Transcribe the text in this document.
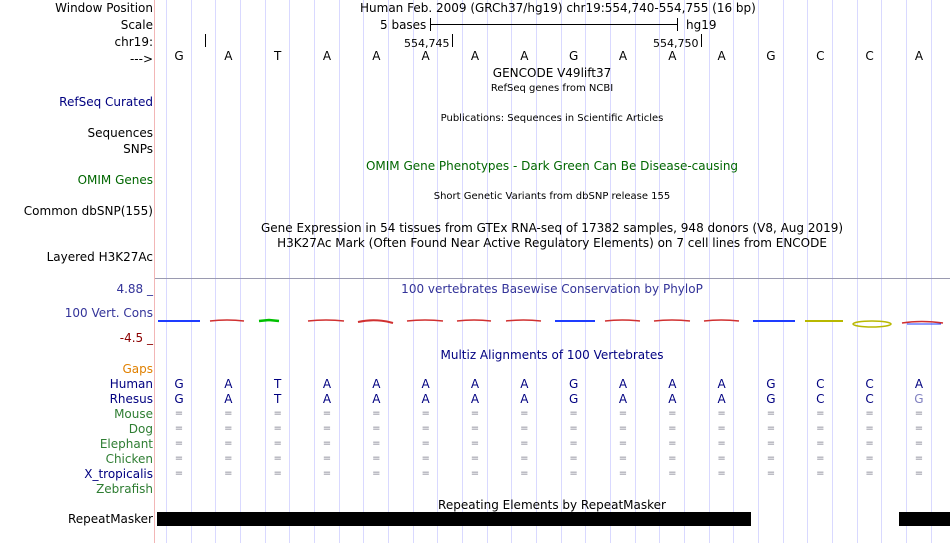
Window Position	Human Feb. 2009 (GRCh37/hg19) chr19:554,740-554,755 (16 bp)
Scale	5 bases	hg19
chr19:	554,745	554,750
---> G	A	T	A	A	A	A	A	G	A	A	A	G	C	C	A
GENCODE V49lift37
RefSeq genes from NCBI
RefSeq Curated
Publications: Sequences in Scientific Articles
Sequences
SNPs
OMIM Gene Phenotypes - Dark Green Can Be Disease-causing
OMIM Genes
Short Genetic Variants from dbSNP release 155
Common dbSNP(155)
Gene Expression in 54 tissues from GTEx RNA-seq of 17382 samples, 948 donors (V8, Aug 2019)
H3K27Ac Mark (Often Found Near Active Regulatory Elements) on 7 cell lines from ENCODE
Layered H3K27Ac
4.88 _	100 vertebrates Basewise Conservation by PhyloP
100 Vert. Cons
-4.5 _
Multiz Alignments of 100 Vertebrates
Gaps
Human G	A	T	A	A	A	A	A	G	A	A	A	G	C	C	A
Rhesus G	A	T	A	A	A	A	A	G	A	A	A	G	C	C	G
Mouse =	=	=	=	=	=	=	=	=	=	=	=	=	=	=	=
Dog =	=	=	=	=	=	=	=	=	=	=	=	=	=	=	=
Elephant =	=	=	=	=	=	=	=	=	=	=	=	=	=	=	=
Chicken =	=	=	=	=	=	=	=	=	=	=	=	=	=	=	=
X_tropicalis =	=	=	=	=	=	=	=	=	=	=	=	=	=	=	=
Zebrafish
Repeating Elements by RepeatMasker
RepeatMasker
